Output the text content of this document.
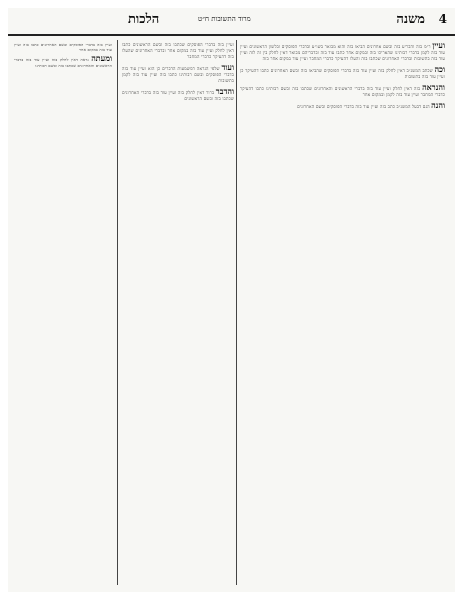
4
משנה
מרוד התשובות ח״ט
הלכות

ועיין ר״מ בזה והכריע בזה ובשם אחרונים הביאו בזה והוא מבואר בשו״ע ובדברי הפוסקים ובלשון הראשונים ועיין עוד בזה לקמן בדברי רבותינו שהאריכו בזה ובמקום אחר כתבו עוד בזה ובדבריהם מבואר דאין לחלק בין זה לזה ועיין עוד בזה בתשובות ובדברי האחרונים שכתבו בזה והעלו דהעיקר כדברי המחבר ועיין עוד במקום אחר בזה

וכה שכתב המשנ״ב דאין לחלק בזה ועיין עוד בזה בדברי הפוסקים שהביאו בזה ובשם האחרונים כתבו דהעיקר כן ועיין עוד בזה בתשובות

והנראה בזה דאין לחלק ועיין עוד בזה בדברי הראשונים והאחרונים שכתבו בזה ובשם רבותינו כתבו דהעיקר כדברי המחבר ועיין עוד בזה לקמן ובמקום אחר

והנה הגם דבעל המשנ״ב כתב בזה ועיין עוד בזה בדברי הפוסקים ובשם האחרונים

ועיין בזה בדברי הפוסקים שכתבו בזה ובשם הראשונים כתבו דאין לחלק ועיין עוד בזה במקום אחר ובדברי האחרונים שהעלו בזה דהעיקר כדברי המחבר

ועוד שלפי הנראה דמשמעות הדברים כן הוא ועיין עוד בזה בדברי הפוסקים ובשם רבותינו כתבו בזה ועיין עוד בזה לקמן בתשובות

והדבר ברור דאין לחלק בזה ועיין עוד בזה בדברי האחרונים שכתבו בזה ובשם הראשונים

ועיין בזה בדברי הפוסקים ובשם האחרונים כתבו בזה ועיין עוד בזה במקום אחר

ומעתה נראה דאין לחלק בזה ועיין עוד בזה בדברי הראשונים והאחרונים שכתבו בזה ובשם רבותינו
